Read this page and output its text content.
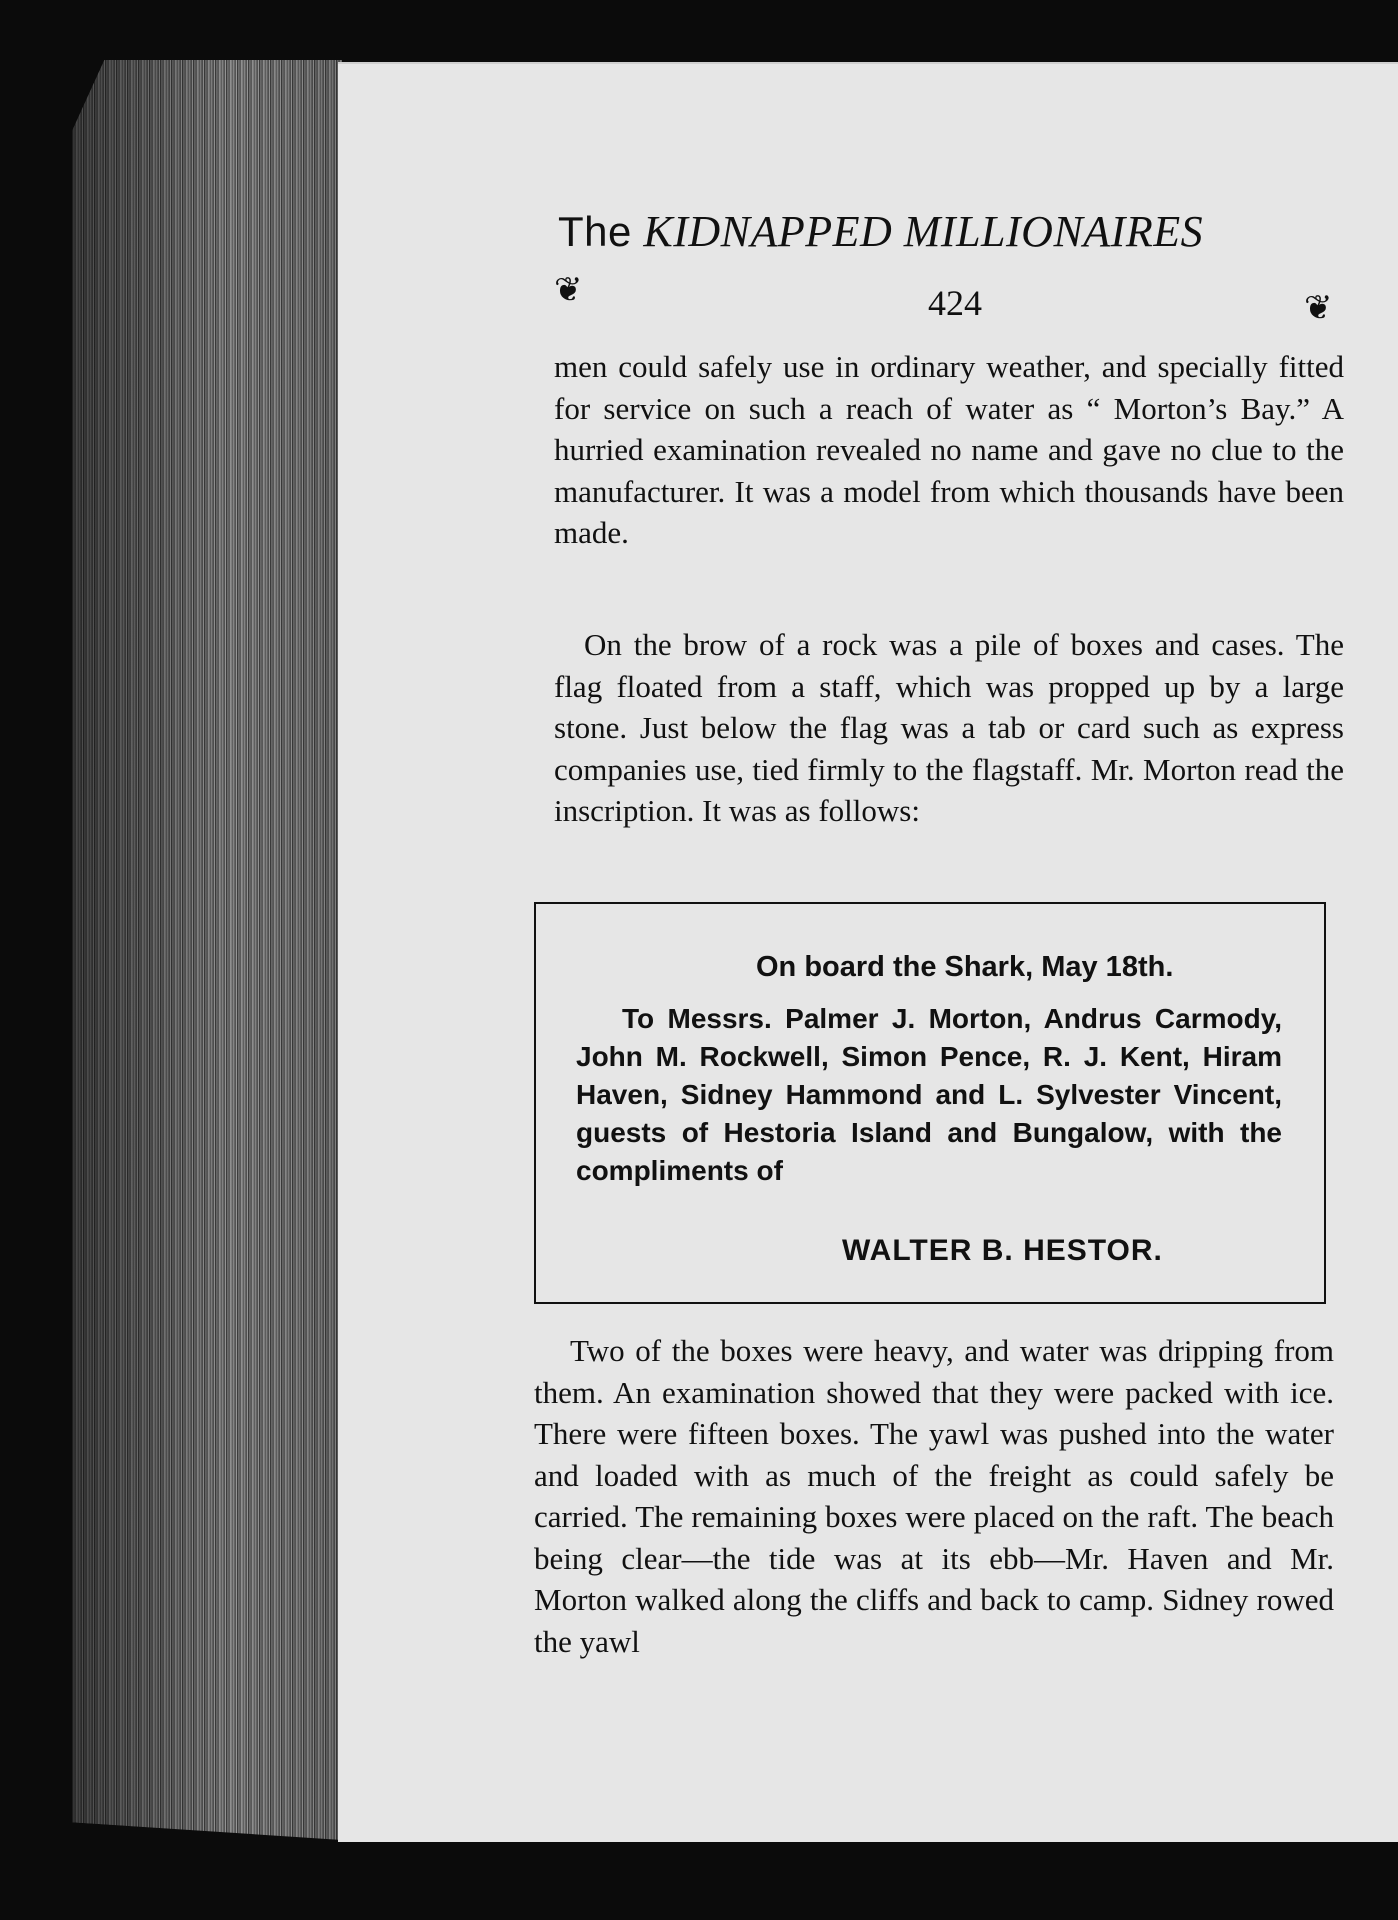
The KIDNAPPED MILLIONAIRES
❦	424	❦
men could safely use in ordinary weather, and specially fitted for service on such a reach of water as “ Morton’s Bay.” A hurried examination revealed no name and gave no clue to the manufacturer. It was a model from which thousands have been made.
On the brow of a rock was a pile of boxes and cases. The flag floated from a staff, which was propped up by a large stone. Just below the flag was a tab or card such as express companies use, tied firmly to the flagstaff. Mr. Morton read the inscription. It was as follows:
On board the Shark, May 18th.
To Messrs. Palmer J. Morton, Andrus Carmody, John M. Rockwell, Simon Pence, R. J. Kent, Hiram Haven, Sidney Hammond and L. Sylvester Vincent, guests of Hestoria Island and Bungalow, with the compliments of
WALTER B. HESTOR.
Two of the boxes were heavy, and water was dripping from them. An examination showed that they were packed with ice. There were fifteen boxes. The yawl was pushed into the water and loaded with as much of the freight as could safely be carried. The remaining boxes were placed on the raft. The beach being clear—the tide was at its ebb—Mr. Haven and Mr. Morton walked along the cliffs and back to camp. Sidney rowed the yawl
